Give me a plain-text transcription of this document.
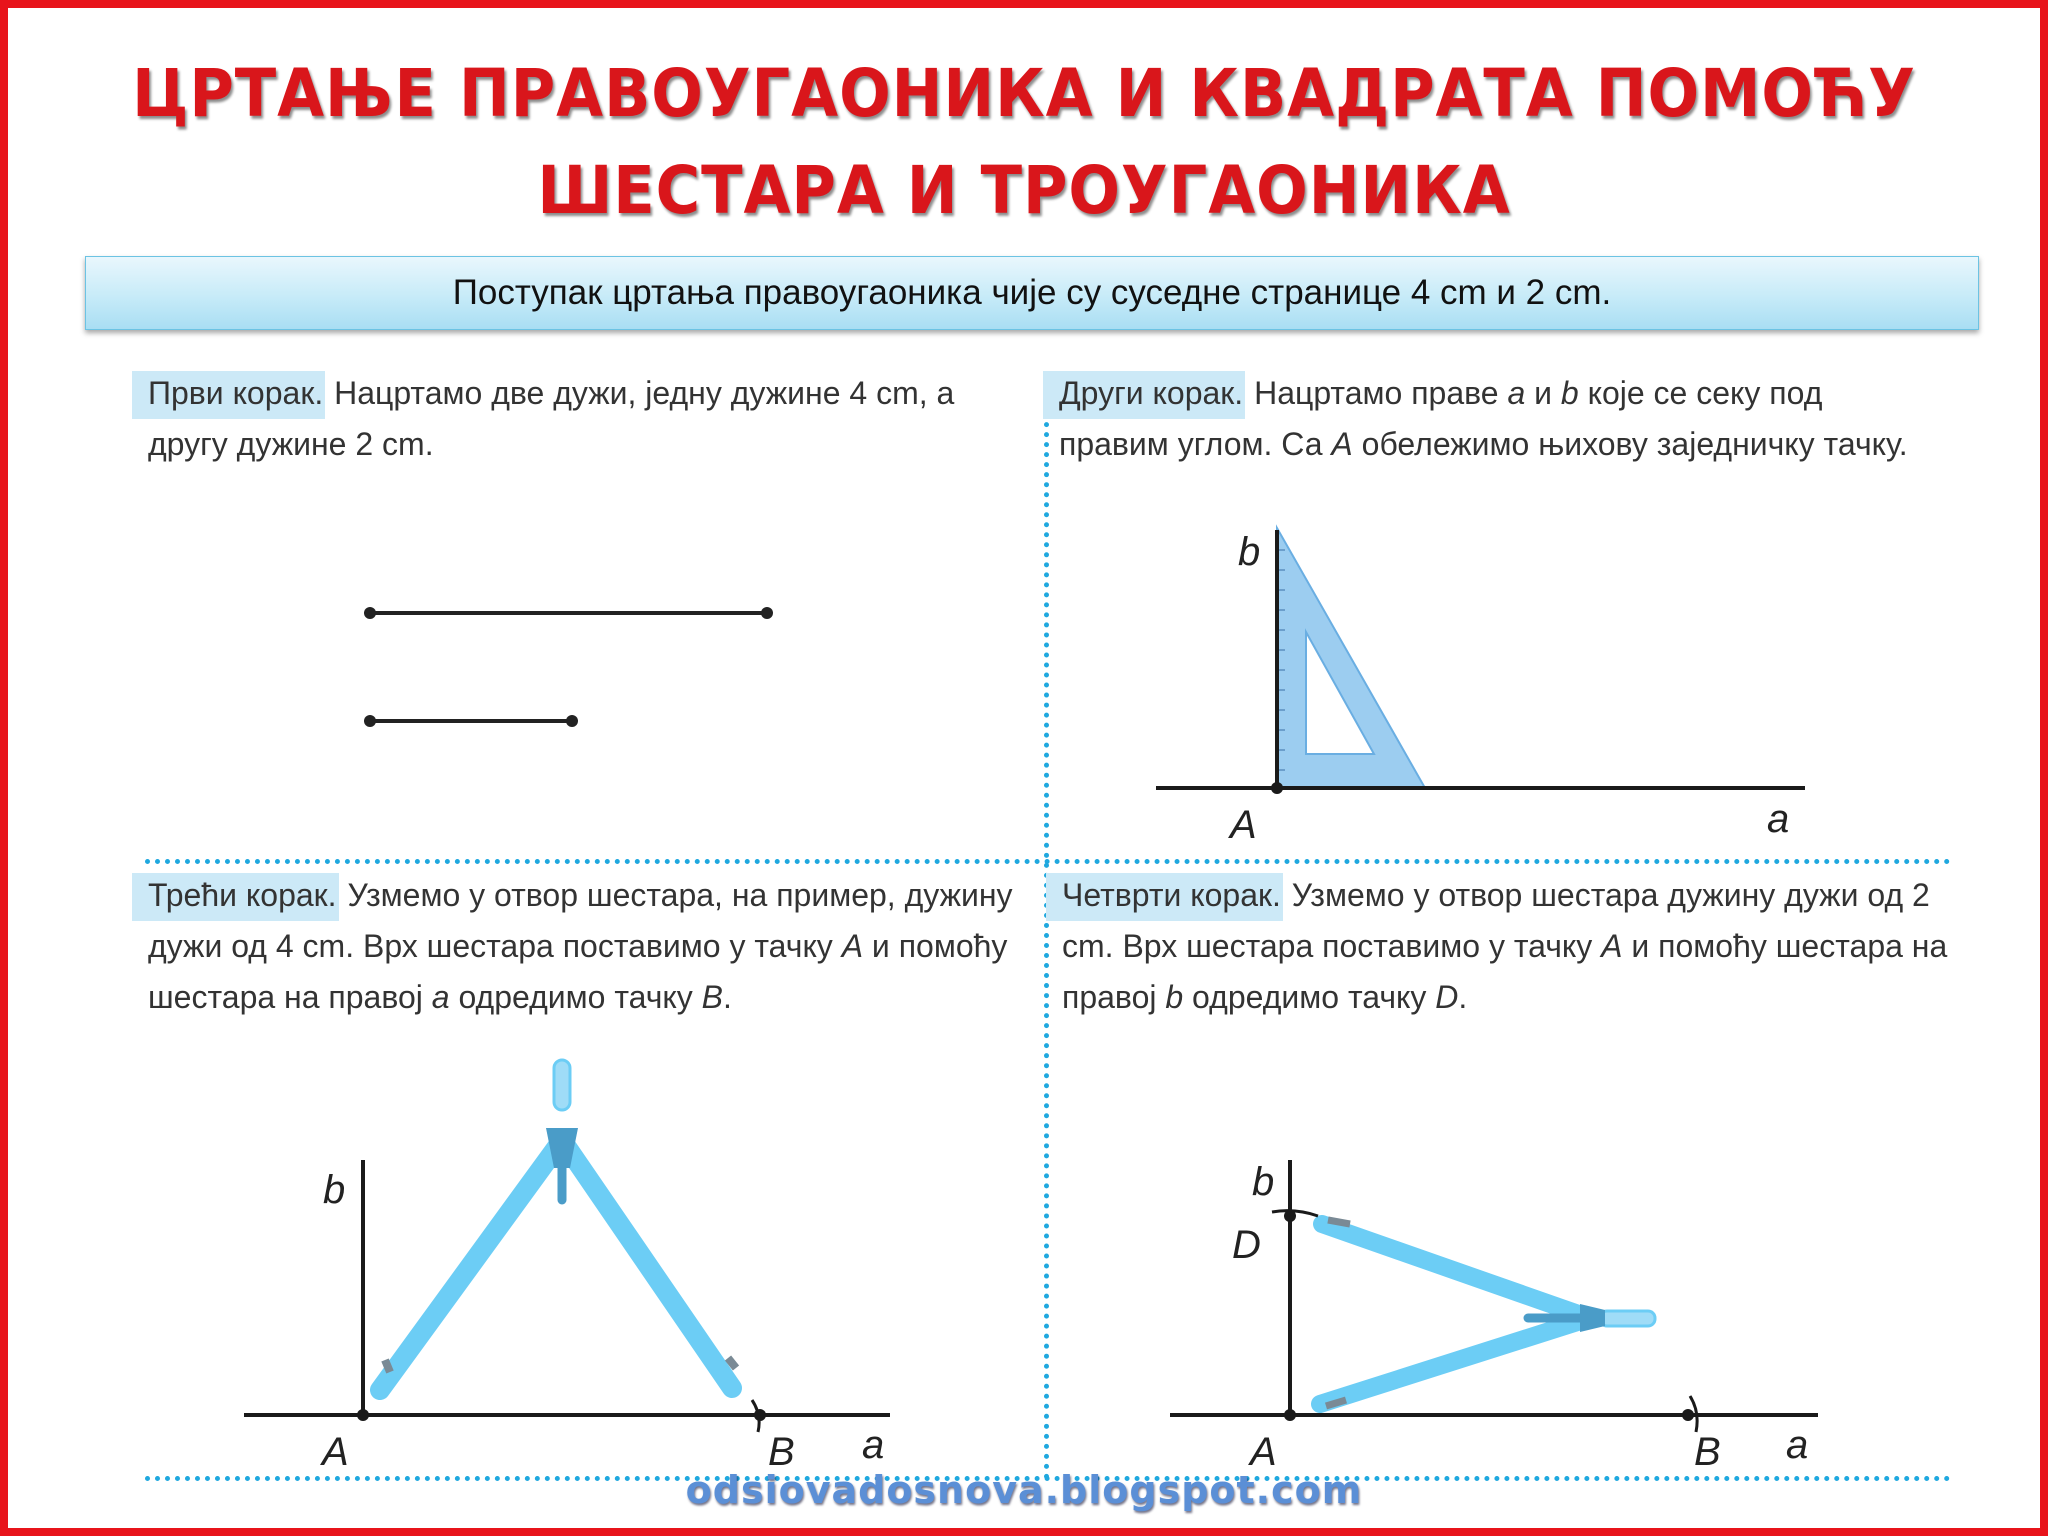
ЦРТАЊЕ ПРАВОУГАОНИКА И КВАДРАТА ПОМОЋУ
ШЕСТАРА И ТРОУГАОНИКА
Поступак цртања правоугаоника чије су суседне странице 4 cm и 2 cm.
Први корак. Нацртамо две дужи, једну дужине 4 cm, а другу дужине 2 cm.
Други корак. Нацртамо праве a и b које се секу под правим углом. Са A обележимо њихову заједничку тачку.
b
A	a
Трећи корак. Узмемо у отвор шестара, на пример, дужину дужи од 4 cm. Врх шестара поставимо у тачку A и помоћу шестара на правој a одредимо тачку B.
b
A	B a
Четврти корак. Узмемо у отвор шестара дужину дужи од 2 cm. Врх шестара поставимо у тачку A и помоћу шестара на правој b одредимо тачку D.
b
D
A	B a
odsiovadosnova.blogspot.com
